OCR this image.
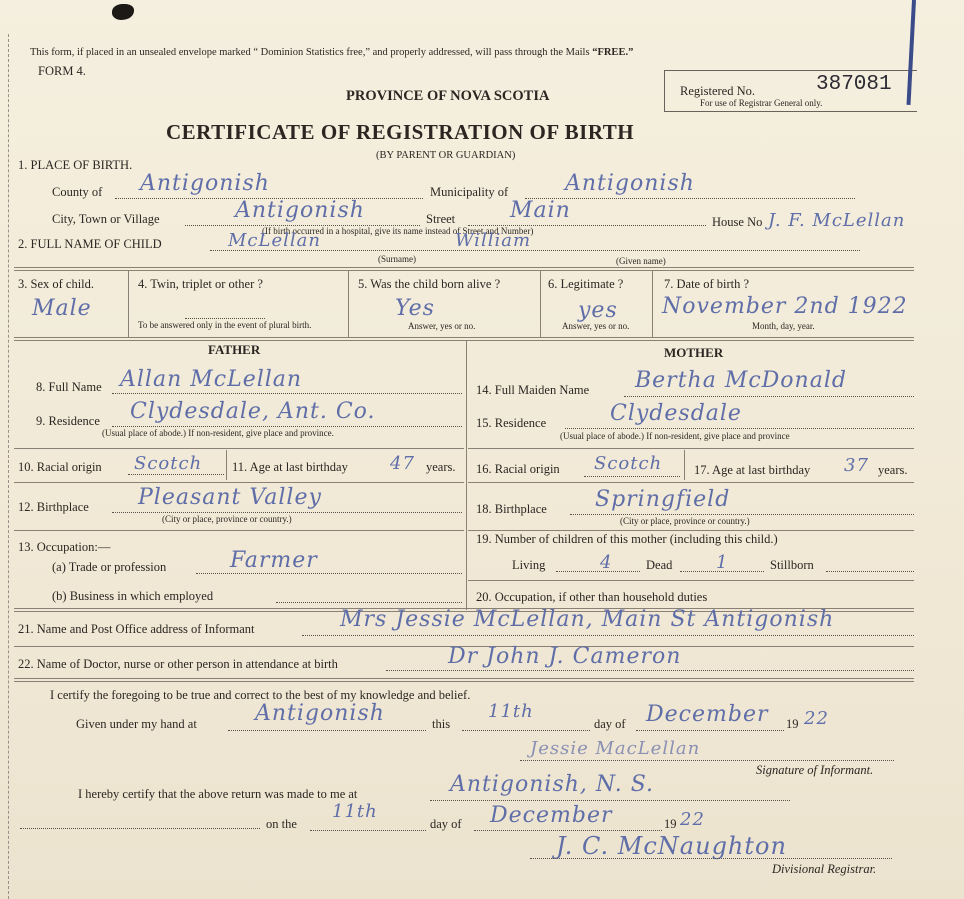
This form, if placed in an unsealed envelope marked “ Dominion Statistics free,” and properly addressed, will pass through the Mails “FREE.”
FORM 4.
PROVINCE OF NOVA SCOTIA	Registered No.	387081
For use of Registrar General only.
CERTIFICATE OF REGISTRATION OF BIRTH
(BY PARENT OR GUARDIAN)
1. PLACE OF BIRTH.
County of Antigonish	Municipality of	Antigonish
City, Town or Village	Antigonish	Street Main	House No J. F. McLellan
(If birth occurred in a hospital, give its name instead of Street and Number)
2. FULL NAME OF CHILD	McLellan	William
(Surname)	(Given name)
3. Sex of child.
Male
4. Twin, triplet or other ?
To be answered only in the event of plural birth.
5. Was the child born alive ?
Yes
Answer, yes or no.
6. Legitimate ?
yes
Answer, yes or no.
7. Date of birth ?
November 2nd 1922
Month, day, year.
FATHER	MOTHER
8. Full Name Allan McLellan
9. Residence Clydesdale, Ant. Co.
(Usual place of abode.) If non-resident, give place and province.
10. Racial origin Scotch 11. Age at last birthday 47 years.
12. Birthplace Pleasant Valley
(City or place, province or country.)
13. Occupation:—
(a) Trade or profession	Farmer
(b) Business in which employed
14. Full Maiden Name Bertha McDonald
15. Residence	Clydesdale
(Usual place of abode.) If non-resident, give place and province
16. Racial origin Scotch	17. Age at last birthday 37 years.
18. Birthplace Springfield
(City or place, province or country.)
19. Number of children of this mother (including this child.)
Living	4	Dead 1	Stillborn
20. Occupation, if other than household duties
21. Name and Post Office address of Informant	Mrs Jessie McLellan, Main St Antigonish
22. Name of Doctor, nurse or other person in attendance at birth	Dr John J. Cameron
I certify the foregoing to be true and correct to the best of my knowledge and belief.
Given under my hand at	Antigonish	this
11th
day of December 19 22
Jessie MacLellan
Signature of Informant.
I hereby certify that the above return was made to me at	Antigonish, N. S.
on the
11th
day of December	19 22
J. C. McNaughton
Divisional Registrar.
